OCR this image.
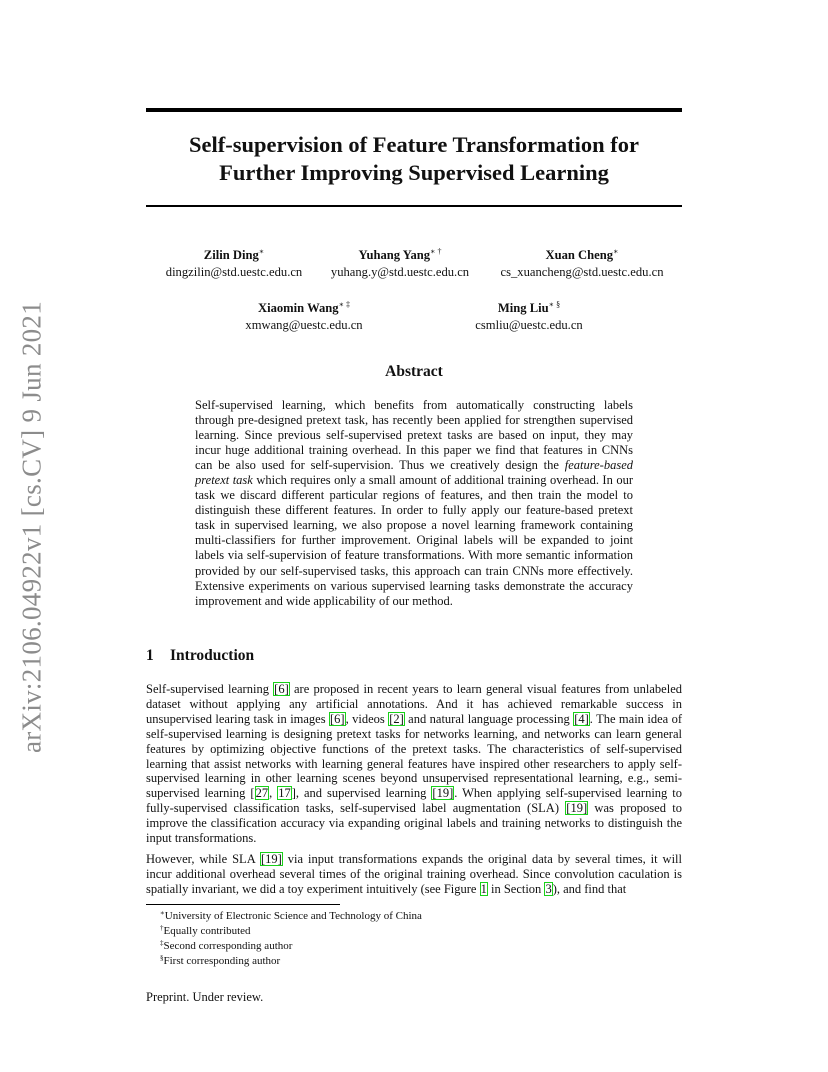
arXiv:2106.04922v1 [cs.CV] 9 Jun 2021
Self-supervision of Feature Transformation for
Further Improving Supervised Learning
Zilin Ding∗
dingzilin@std.uestc.edu.cn
Yuhang Yang∗ †
yuhang.y@std.uestc.edu.cn
Xuan Cheng∗
cs_xuancheng@std.uestc.edu.cn
Xiaomin Wang∗ ‡
xmwang@uestc.edu.cn
Ming Liu∗ §
csmliu@uestc.edu.cn
Abstract

Self-supervised learning, which benefits from automatically constructing labels through pre-designed pretext task, has recently been applied for strengthen supervised learning. Since previous self-supervised pretext tasks are based on input, they may incur huge additional training overhead. In this paper we find that features in CNNs can be also used for self-supervision. Thus we creatively design the feature-based pretext task which requires only a small amount of additional training overhead. In our task we discard different particular regions of features, and then train the model to distinguish these different features. In order to fully apply our feature-based pretext task in supervised learning, we also propose a novel learning framework containing multi-classifiers for further improvement. Original labels will be expanded to joint labels via self-supervision of feature transformations. With more semantic information provided by our self-supervised tasks, this approach can train CNNs more effectively. Extensive experiments on various supervised learning tasks demonstrate the accuracy improvement and wide applicability of our method.

1 Introduction

Self-supervised learning [6] are proposed in recent years to learn general visual features from unlabeled dataset without applying any artificial annotations. And it has achieved remarkable success in unsupervised learing task in images [6], videos [2] and natural language processing [4]. The main idea of self-supervised learning is designing pretext tasks for networks learning, and networks can learn general features by optimizing objective functions of the pretext tasks. The characteristics of self-supervised learning that assist networks with learning general features have inspired other researchers to apply self-supervised learning in other learning scenes beyond unsupervised representational learning, e.g., semi-supervised learning [27, 17], and supervised learning [19]. When applying self-supervised learning to fully-supervised classification tasks, self-supervised label augmentation (SLA) [19] was proposed to improve the classification accuracy via expanding original labels and training networks to distinguish the input transformations.

However, while SLA [19] via input transformations expands the original data by several times, it will incur additional overhead several times of the original training overhead. Since convolution caculation is spatially invariant, we did a toy experiment intuitively (see Figure 1 in Section 3), and find that

∗University of Electronic Science and Technology of China
†Equally contributed
‡Second corresponding author
§First corresponding author
Preprint. Under review.
